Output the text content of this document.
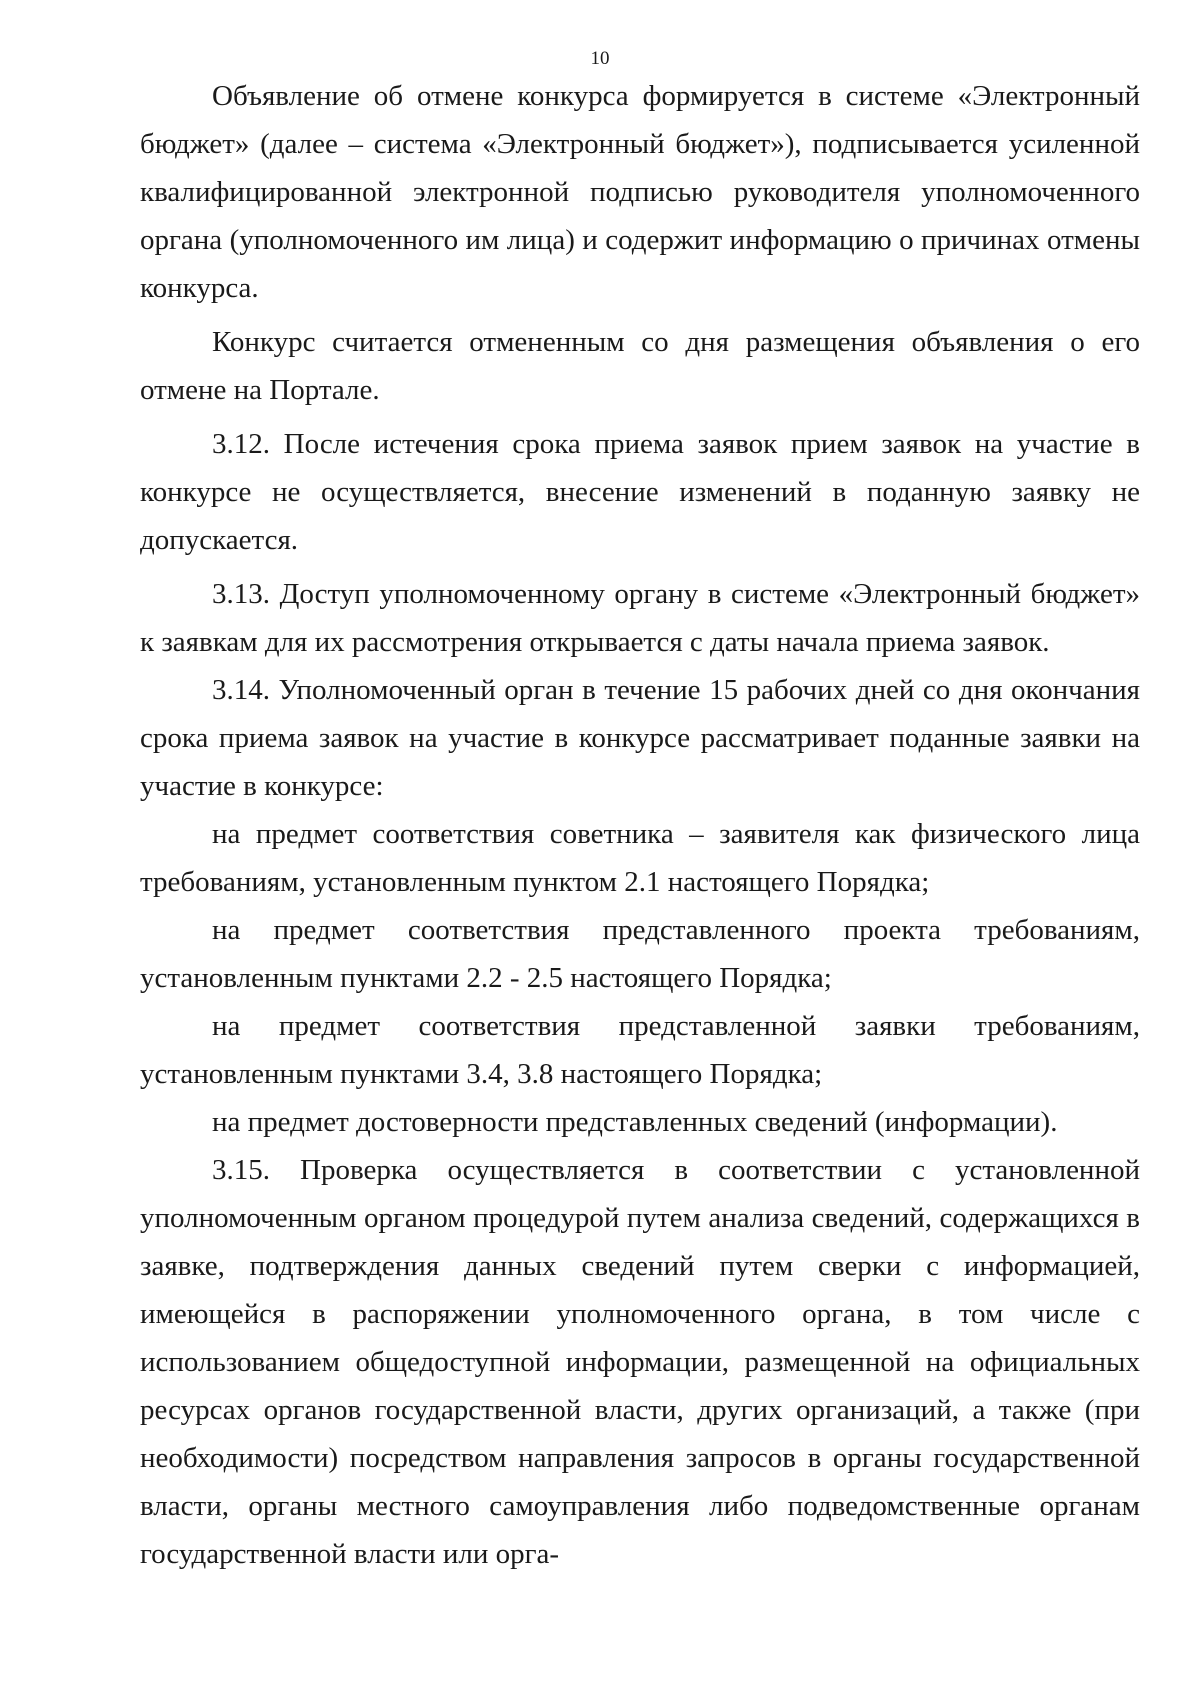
10

Объявление об отмене конкурса формируется в системе «Электронный бюджет» (далее – система «Электронный бюджет»), подписывается усиленной квалифицированной электронной подписью руководителя уполномоченного органа (уполномоченного им лица) и содержит информацию о причинах отмены конкурса.

Конкурс считается отмененным со дня размещения объявления о его отмене на Портале.

3.12. После истечения срока приема заявок прием заявок на участие в конкурсе не осуществляется, внесение изменений в поданную заявку не допускается.

3.13. Доступ уполномоченному органу в системе «Электронный бюджет» к заявкам для их рассмотрения открывается с даты начала приема заявок.

3.14. Уполномоченный орган в течение 15 рабочих дней со дня окончания срока приема заявок на участие в конкурсе рассматривает поданные заявки на участие в конкурсе:

на предмет соответствия советника – заявителя как физического лица требованиям, установленным пунктом 2.1 настоящего Порядка;

на предмет соответствия представленного проекта требованиям, установленным пунктами 2.2 - 2.5 настоящего Порядка;

на предмет соответствия представленной заявки требованиям, установленным пунктами 3.4, 3.8 настоящего Порядка;

на предмет достоверности представленных сведений (информации).

3.15. Проверка осуществляется в соответствии с установленной уполномоченным органом процедурой путем анализа сведений, содержащихся в заявке, подтверждения данных сведений путем сверки с информацией, имеющейся в распоряжении уполномоченного органа, в том числе с использованием общедоступной информации, размещенной на официальных ресурсах органов государственной власти, других организаций, а также (при необходимости) посредством направления запросов в органы государственной власти, органы местного самоуправления либо подведомственные органам государственной власти или орга-
